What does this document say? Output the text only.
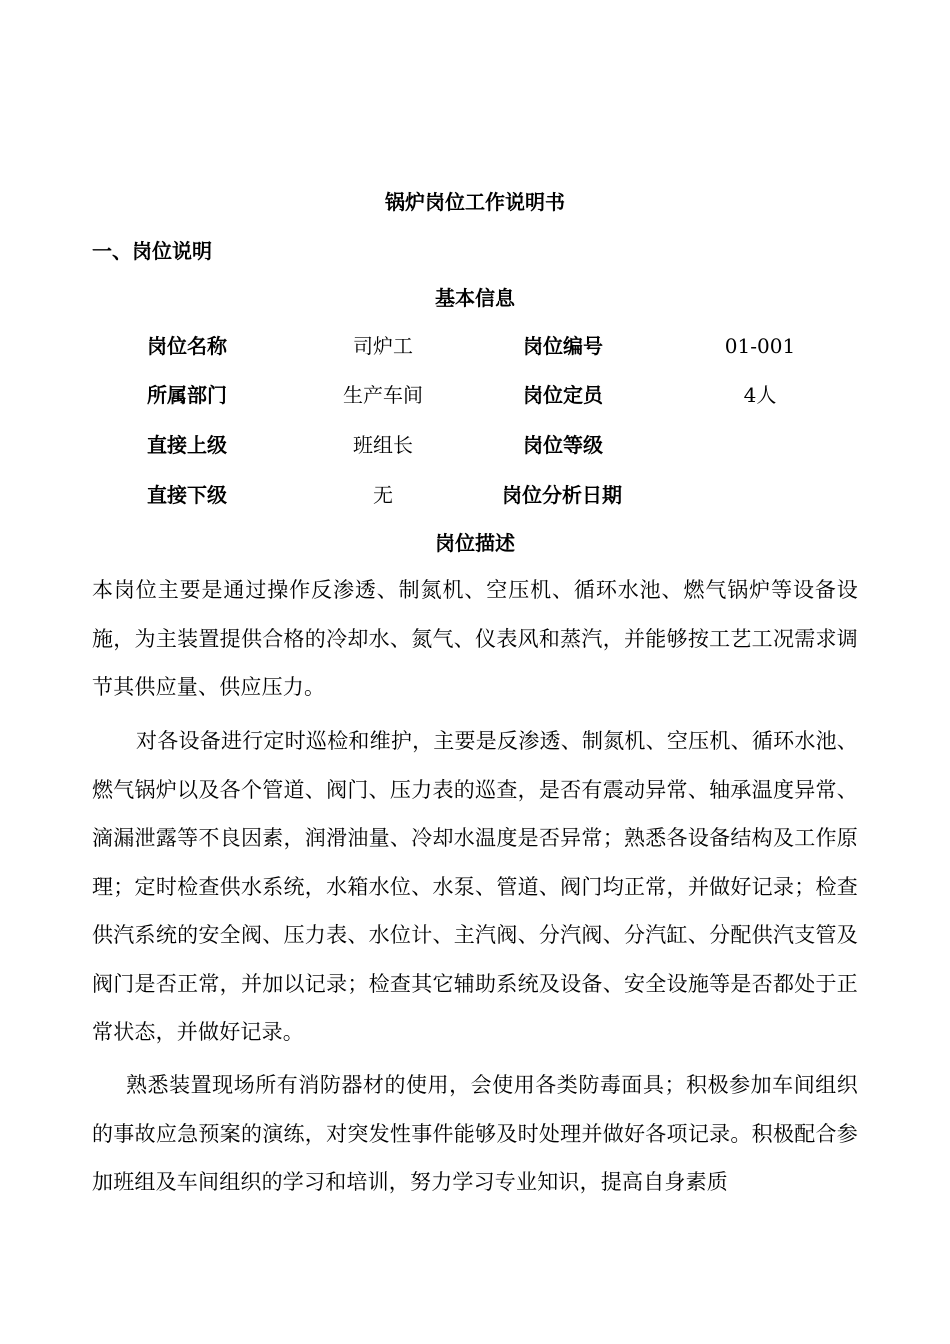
锅炉岗位工作说明书
一、岗位说明
基本信息
岗位名称	司炉工	岗位编号	01-001
所属部门	生产车间	岗位定员	4人
直接上级	班组长	岗位等级
直接下级	无	岗位分析日期
岗位描述
本岗位主要是通过操作反渗透、制氮机、空压机、循环水池、燃气锅炉等设备设施，为主装置提供合格的冷却水、氮气、仪表风和蒸汽，并能够按工艺工况需求调节其供应量、供应压力。
对各设备进行定时巡检和维护，主要是反渗透、制氮机、空压机、循环水池、燃气锅炉以及各个管道、阀门、压力表的巡查，是否有震动异常、轴承温度异常、滴漏泄露等不良因素，润滑油量、冷却水温度是否异常；熟悉各设备结构及工作原理；定时检查供水系统，水箱水位、水泵、管道、阀门均正常，并做好记录；检查供汽系统的安全阀、压力表、水位计、主汽阀、分汽阀、分汽缸、分配供汽支管及阀门是否正常，并加以记录；检查其它辅助系统及设备、安全设施等是否都处于正常状态，并做好记录。
熟悉装置现场所有消防器材的使用，会使用各类防毒面具；积极参加车间组织的事故应急预案的演练，对突发性事件能够及时处理并做好各项记录。积极配合参加班组及车间组织的学习和培训，努力学习专业知识，提高自身素质
